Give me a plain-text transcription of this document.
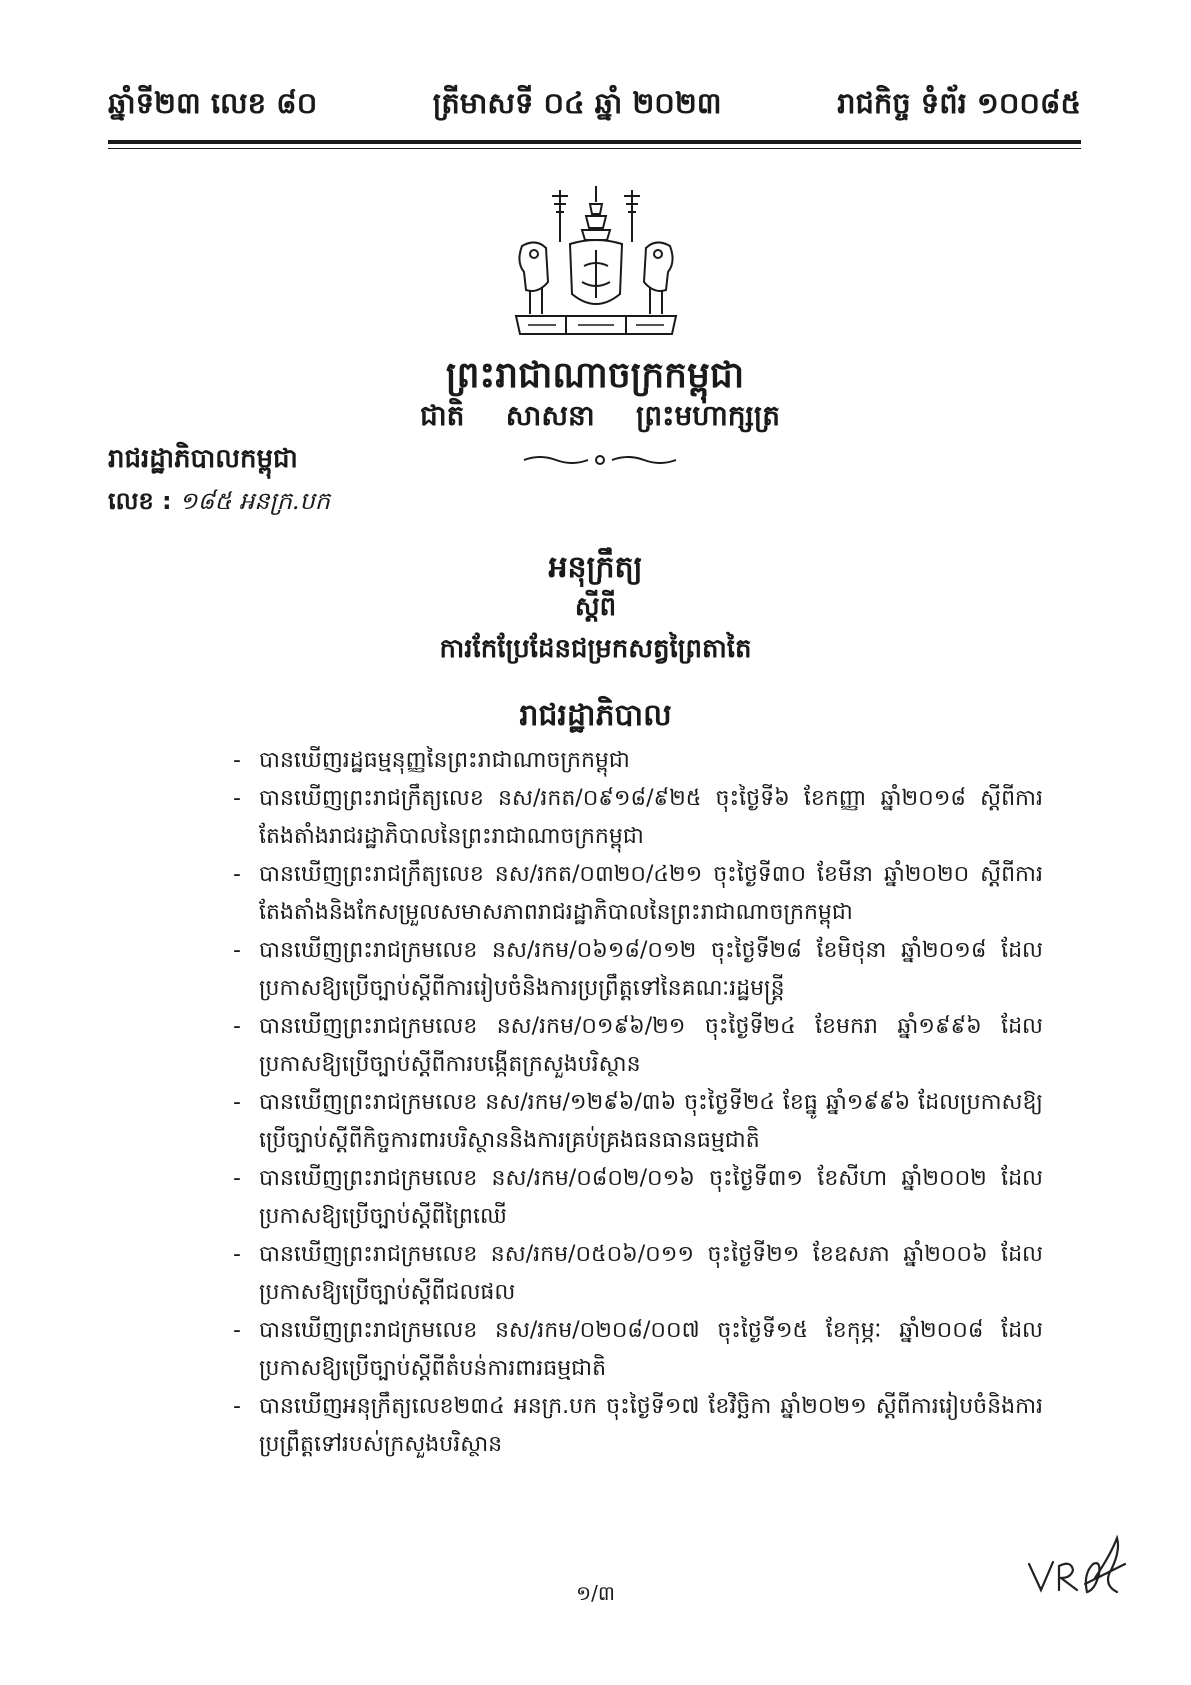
ឆ្នាំទី២៣ លេខ ៨០	ត្រីមាសទី ០៤ ឆ្នាំ ២០២៣	រាជកិច្ច ទំព័រ ១០០៨៥
ព្រះរាជាណាចក្រកម្ពុជា
ជាតិ សាសនា ព្រះមហាក្សត្រ
រាជរដ្ឋាភិបាលកម្ពុជា
លេខ : ១៨៥ អនក្រ.បក
អនុក្រឹត្យ
ស្ដីពី
ការកែប្រែដែនជម្រកសត្វព្រៃតាតៃ
រាជរដ្ឋាភិបាល
- បានឃើញរដ្ឋធម្មនុញ្ញនៃព្រះរាជាណាចក្រកម្ពុជា
- បានឃើញព្រះរាជក្រឹត្យលេខ នស/រកត/០៩១៨/៩២៥ ចុះថ្ងៃទី៦ ខែកញ្ញា ឆ្នាំ២០១៨ ស្ដីពីការតែងតាំងរាជរដ្ឋាភិបាលនៃព្រះរាជាណាចក្រកម្ពុជា
- បានឃើញព្រះរាជក្រឹត្យលេខ នស/រកត/០៣២០/៤២១ ចុះថ្ងៃទី៣០ ខែមីនា ឆ្នាំ២០២០ ស្ដីពីការតែងតាំងនិងកែសម្រួលសមាសភាពរាជរដ្ឋាភិបាលនៃព្រះរាជាណាចក្រកម្ពុជា
- បានឃើញព្រះរាជក្រមលេខ នស/រកម/០៦១៨/០១២ ចុះថ្ងៃទី២៨ ខែមិថុនា ឆ្នាំ២០១៨ ដែលប្រកាសឱ្យប្រើច្បាប់ស្ដីពីការរៀបចំនិងការប្រព្រឹត្តទៅនៃគណៈរដ្ឋមន្ត្រី
- បានឃើញព្រះរាជក្រមលេខ នស/រកម/០១៩៦/២១ ចុះថ្ងៃទី២៤ ខែមករា ឆ្នាំ១៩៩៦ ដែលប្រកាសឱ្យប្រើច្បាប់ស្ដីពីការបង្កើតក្រសួងបរិស្ថាន
- បានឃើញព្រះរាជក្រមលេខ នស/រកម/១២៩៦/៣៦ ចុះថ្ងៃទី២៤ ខែធ្នូ ឆ្នាំ១៩៩៦ ដែលប្រកាសឱ្យប្រើច្បាប់ស្ដីពីកិច្ចការពារបរិស្ថាននិងការគ្រប់គ្រងធនធានធម្មជាតិ
- បានឃើញព្រះរាជក្រមលេខ នស/រកម/០៨០២/០១៦ ចុះថ្ងៃទី៣១ ខែសីហា ឆ្នាំ២០០២ ដែលប្រកាសឱ្យប្រើច្បាប់ស្ដីពីព្រៃឈើ
- បានឃើញព្រះរាជក្រមលេខ នស/រកម/០៥០៦/០១១ ចុះថ្ងៃទី២១ ខែឧសភា ឆ្នាំ២០០៦ ដែលប្រកាសឱ្យប្រើច្បាប់ស្ដីពីជលផល
- បានឃើញព្រះរាជក្រមលេខ នស/រកម/០២០៨/០០៧ ចុះថ្ងៃទី១៥ ខែកុម្ភៈ ឆ្នាំ២០០៨ ដែលប្រកាសឱ្យប្រើច្បាប់ស្ដីពីតំបន់ការពារធម្មជាតិ
- បានឃើញអនុក្រឹត្យលេខ២៣៤ អនក្រ.បក ចុះថ្ងៃទី១៧ ខែវិច្ឆិកា ឆ្នាំ២០២១ ស្ដីពីការរៀបចំនិងការប្រព្រឹត្តទៅរបស់ក្រសួងបរិស្ថាន
១/៣
